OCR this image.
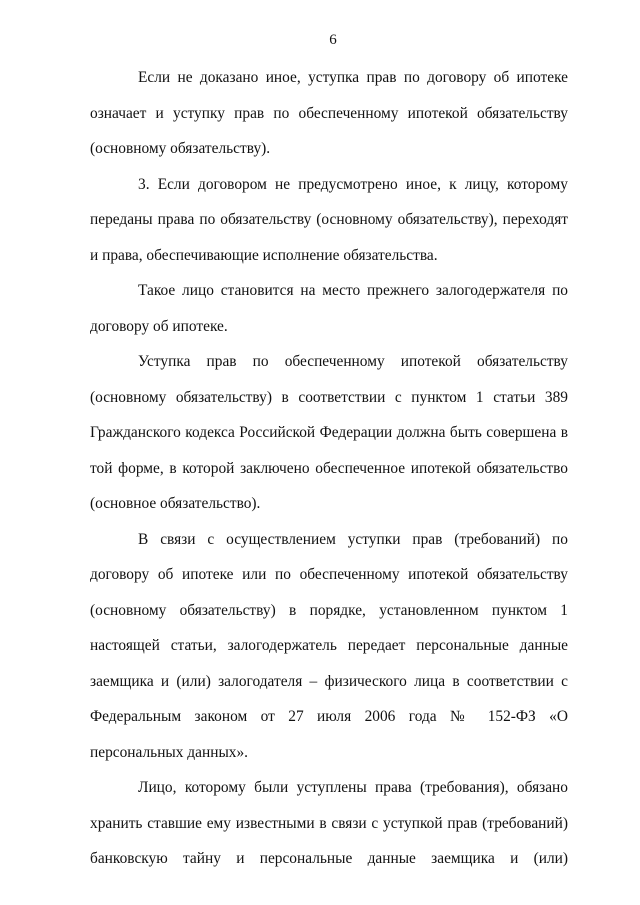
6

Если не доказано иное, уступка прав по договору об ипотеке означает и уступку прав по обеспеченному ипотекой обязательству (основному обязательству).

3. Если договором не предусмотрено иное, к лицу, которому переданы права по обязательству (основному обязательству), переходят и права, обеспечивающие исполнение обязательства.

Такое лицо становится на место прежнего залогодержателя по договору об ипотеке.

Уступка прав по обеспеченному ипотекой обязательству (основному обязательству) в соответствии с пунктом 1 статьи 389 Гражданского кодекса Российской Федерации должна быть совершена в той форме, в которой заключено обеспеченное ипотекой обязательство (основное обязательство).

В связи с осуществлением уступки прав (требований) по договору об ипотеке или по обеспеченному ипотекой обязательству (основному обязательству) в порядке, установленном пунктом 1 настоящей статьи, залогодержатель передает персональные данные заемщика и (или) залогодателя – физического лица в соответствии с Федеральным законом от 27 июля 2006 года № 152-ФЗ «О персональных данных».

Лицо, которому были уступлены права (требования), обязано хранить ставшие ему известными в связи с уступкой прав (требований) банковскую тайну и персональные данные заемщика и (или)
